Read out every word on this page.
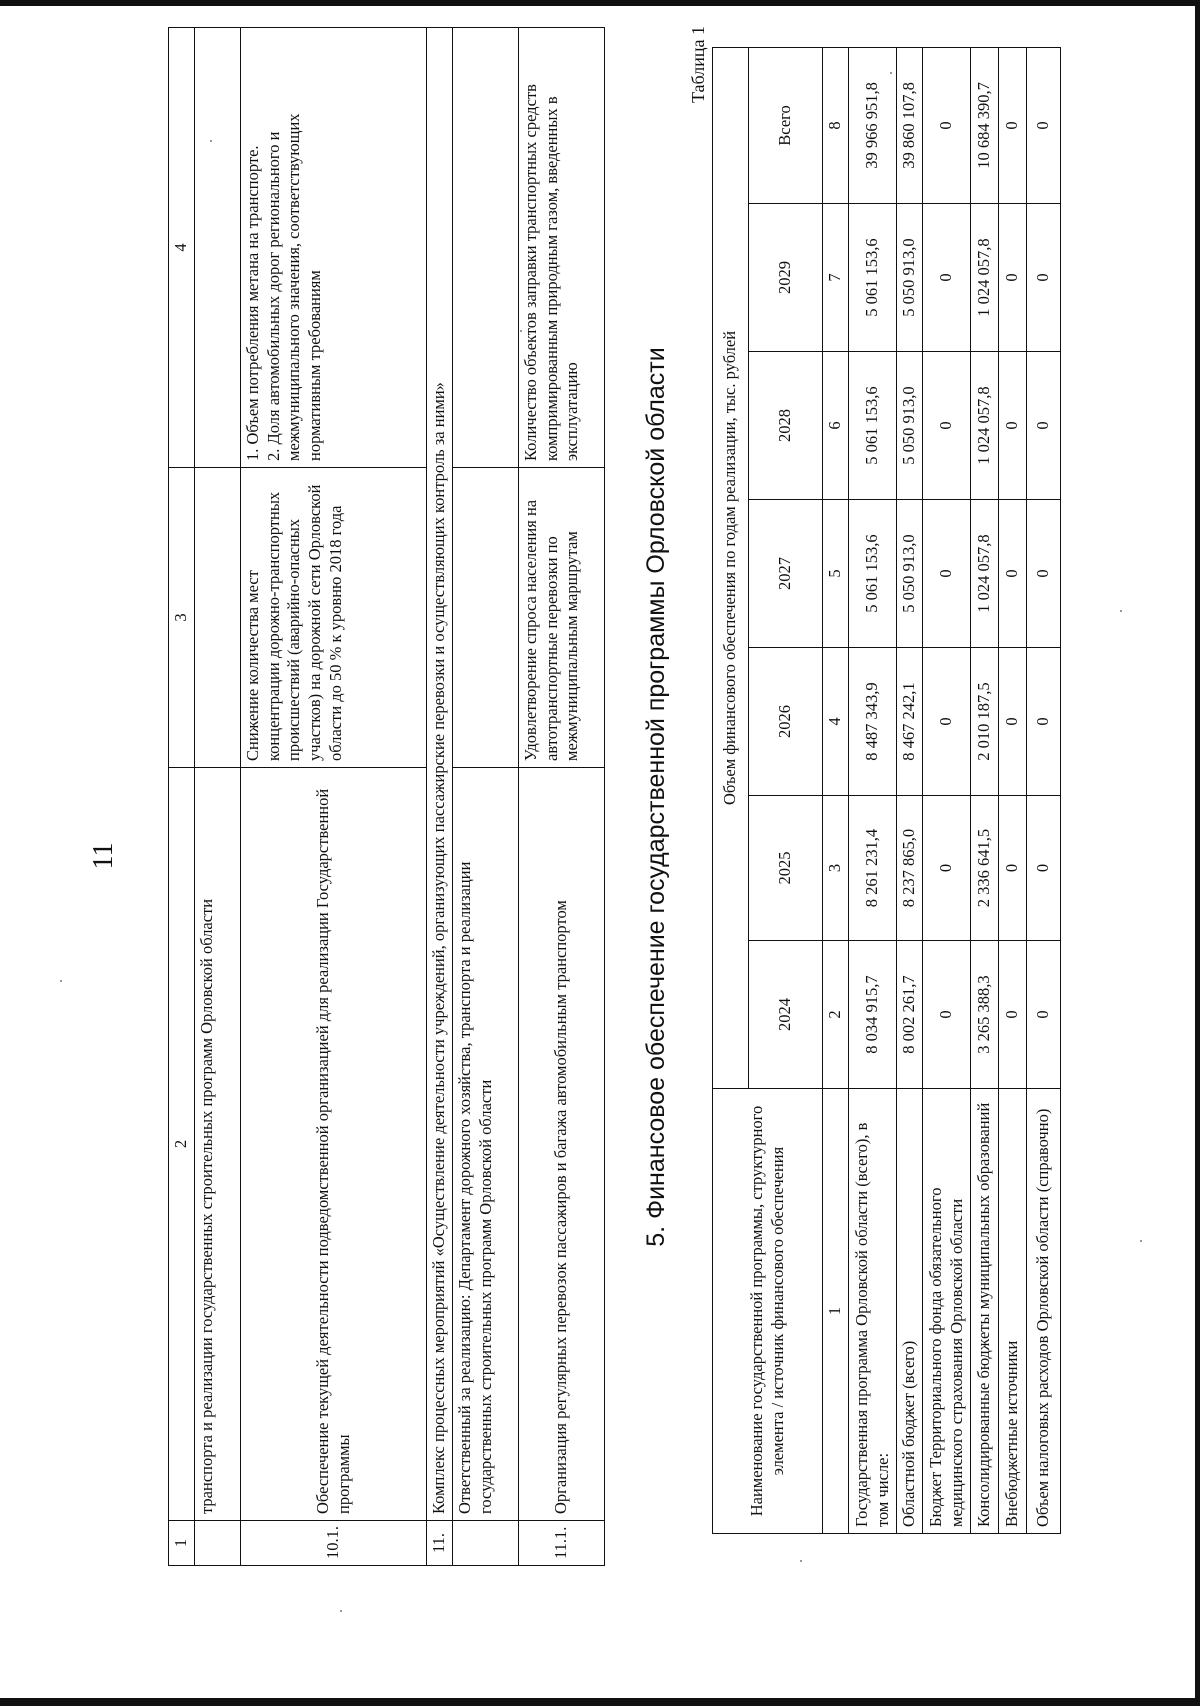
11
1	2	3	4
	транспорта и реализации государственных строительных программ Орловской области		
10.1.	Обеспечение текущей деятельности подведомственной организацией для реализации Государственной программы	Снижение количества мест концентрации дорожно-транспортных происшествий (аварийно-опасных участков) на дорожной сети Орловской области до 50 % к уровню 2018 года	1. Объем потребления метана на транспорте.
2. Доля автомобильных дорог регионального и межмуниципального значения, соответствующих нормативным требованиям
11.	Комплекс процессных мероприятий «Осуществление деятельности учреждений, организующих пассажирские перевозки и осуществляющих контроль за ними»		
	Ответственный за реализацию: Департамент дорожного хозяйства, транспорта и реализации государственных строительных программ Орловской области		
11.1.	Организация регулярных перевозок пассажиров и багажа автомобильным транспортом	Удовлетворение спроса населения на автотранспортные перевозки по межмуниципальным маршрутам	Количество объектов заправки транспортных средств компримированным природным газом, введенных в эксплуатацию 5. Финансовое обеспечение государственной программы Орловской области
Таблица 1
Наименование государственной программы, структурного элемента / источник финансового обеспечения	Объем финансового обеспечения по годам реализации, тыс. рублей						
	2024	2025	2026	2027	2028	2029	Всего
1	2	3	4	5	6	7	8
Государственная программа Орловской области (всего), в том числе:	8 034 915,7	8 261 231,4	8 487 343,9	5 061 153,6	5 061 153,6	5 061 153,6	39 966 951,8
Областной бюджет (всего)	8 002 261,7	8 237 865,0	8 467 242,1	5 050 913,0	5 050 913,0	5 050 913,0	39 860 107,8
Бюджет Территориального фонда обязательного медицинского страхования Орловской области	0	0	0	0	0	0	0
Консолидированные бюджеты муниципальных образований	3 265 388,3	2 336 641,5	2 010 187,5	1 024 057,8	1 024 057,8	1 024 057,8	10 684 390,7
Внебюджетные источники	0	0	0	0	0	0	0
Объем налоговых расходов Орловской области (справочно)	0	0	0	0	0	0	0
